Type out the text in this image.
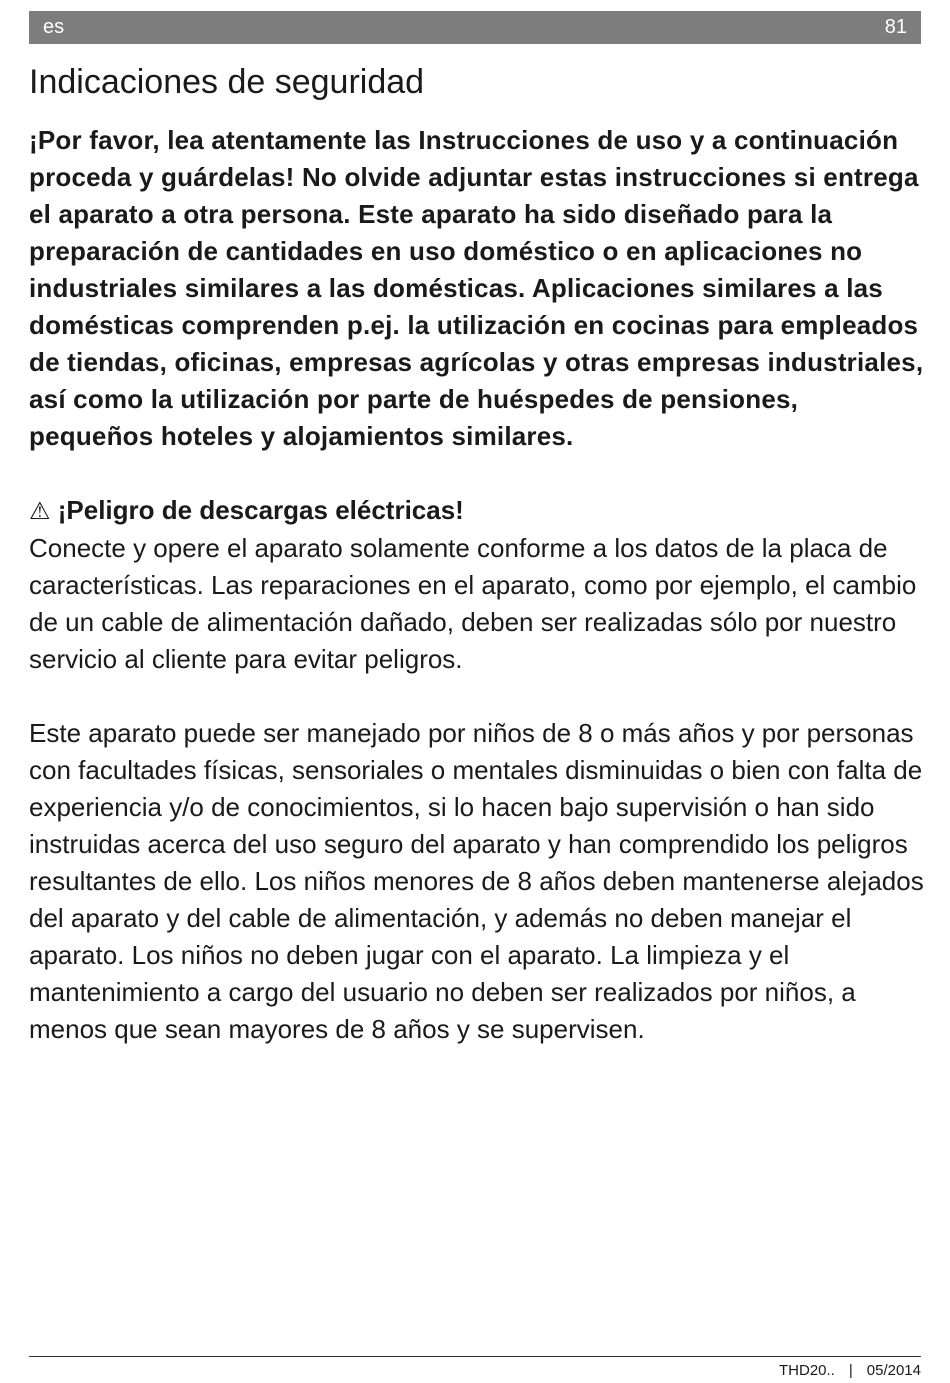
es	81
Indicaciones de seguridad

¡Por favor, lea atentamente las Instrucciones de uso y a continuación proceda y guárdelas! No olvide adjuntar estas instrucciones si entrega el aparato a otra persona. Este aparato ha sido diseñado para la preparación de cantidades en uso doméstico o en aplicaciones no industriales similares a las domésticas. Aplicaciones similares a las domésticas comprenden p.ej. la utilización en cocinas para empleados de tiendas, oficinas, empresas agrícolas y otras empresas industriales, así como la utilización por parte de huéspedes de pensiones, pequeños hoteles y alojamientos similares.

⚠ ¡Peligro de descargas eléctricas!

Conecte y opere el aparato solamente conforme a los datos de la placa de características. Las reparaciones en el aparato, como por ejemplo, el cambio de un cable de alimentación dañado, deben ser realizadas sólo por nuestro servicio al cliente para evitar peligros.

Este aparato puede ser manejado por niños de 8 o más años y por personas con facultades físicas, sensoriales o mentales disminuidas o bien con falta de experiencia y/o de conocimientos, si lo hacen bajo supervisión o han sido instruidas acerca del uso seguro del aparato y han comprendido los peligros resultantes de ello. Los niños menores de 8 años deben mantenerse alejados del aparato y del cable de alimentación, y además no deben manejar el aparato. Los niños no deben jugar con el aparato. La limpieza y el mantenimiento a cargo del usuario no deben ser realizados por niños, a menos que sean mayores de 8 años y se supervisen.

THD20.. | 05/2014
